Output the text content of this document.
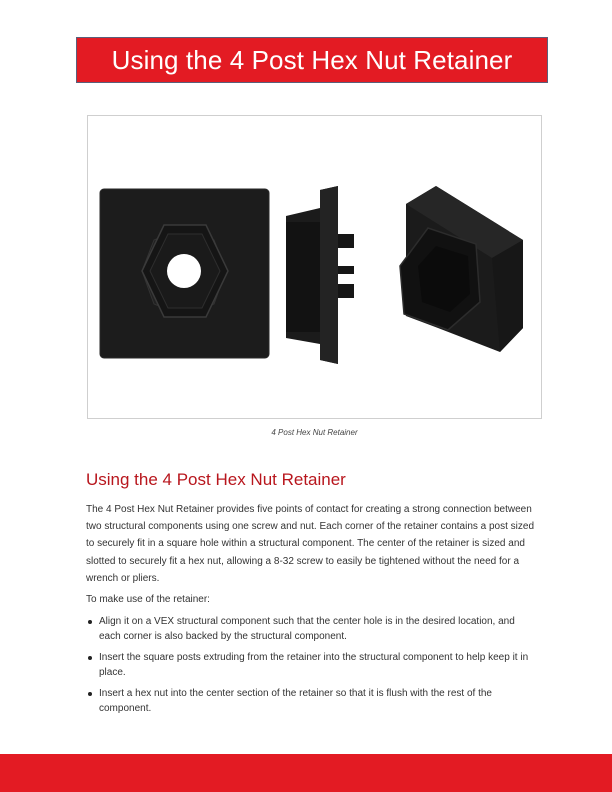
Using the 4 Post Hex Nut Retainer
4 Post Hex Nut Retainer
Using the 4 Post Hex Nut Retainer

The 4 Post Hex Nut Retainer provides five points of contact for creating a strong connection between two structural components using one screw and nut. Each corner of the retainer contains a post sized to securely fit in a square hole within a structural component. The center of the retainer is sized and slotted to securely fit a hex nut, allowing a 8-32 screw to easily be tightened without the need for a wrench or pliers.

To make use of the retainer:

Align it on a VEX structural component such that the center hole is in the desired location, and each corner is also backed by the structural component.
Insert the square posts extruding from the retainer into the structural component to help keep it in place.
Insert a hex nut into the center section of the retainer so that it is flush with the rest of the component.
